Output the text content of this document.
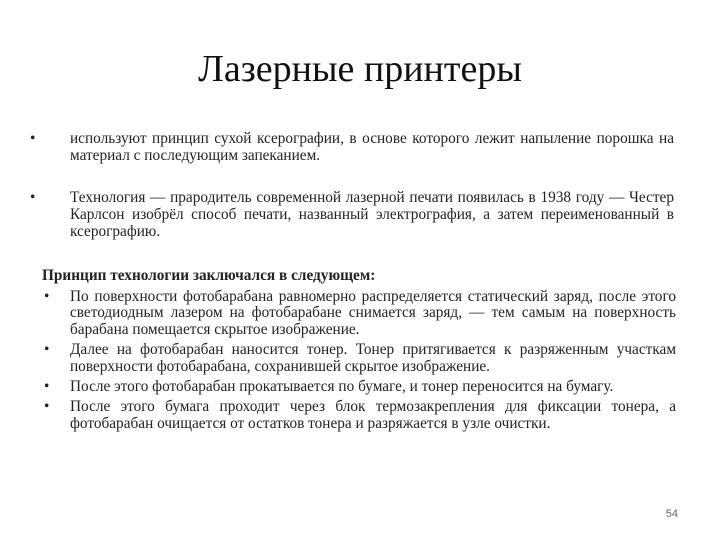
Лазерные принтеры
• используют принцип сухой ксерографии, в основе которого лежит напыление порошка на материал с последующим запеканием.
• Технология — прародитель современной лазерной печати появилась в 1938 году — Честер Карлсон изобрёл способ печати, названный электрография, а затем переименованный в ксерографию.
Принцип технологии заключался в следующем:
• По поверхности фотобарабана равномерно распределяется статический заряд, после этого светодиодным лазером на фотобарабане снимается заряд, — тем самым на поверхность барабана помещается скрытое изображение.
• Далее на фотобарабан наносится тонер. Тонер притягивается к разряженным участкам поверхности фотобарабана, сохранившей скрытое изображение.
• После этого фотобарабан прокатывается по бумаге, и тонер переносится на бумагу.
• После этого бумага проходит через блок термозакрепления для фиксации тонера, а фотобарабан очищается от остатков тонера и разряжается в узле очистки.
54
